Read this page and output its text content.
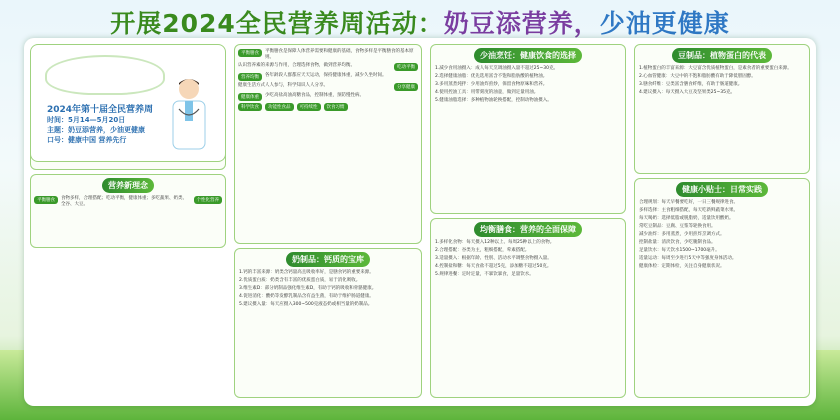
开展2024全民营养周活动：奶豆添营养，少油更健康
2024年第十届全民营养周
时间：5月14—5月20日
主题：奶豆添营养，少油更健康
口号：健康中国 营养先行
营养新理念
平衡膳食	食物多样，合理搭配；吃动平衡，健康体重；多吃蔬果、奶类、全谷、大豆。
个性化营养
平衡膳食	平衡膳食是保障人体营养需要和健康的基础，食物多样是平衡膳食的基本原则。
认识营养素的来源与作用，合理选择食物，做到营养均衡。	吃动平衡
营养均衡	各年龄段人群都应天天运动，保持健康体重，减少久坐时间。
健康生活方式人人参与，科学知识人人分享。	分享健康
健康体重	少吃高盐高油高糖食品，控制体重，预防慢性病。
科学饮食	功能性食品	可持续性	饮食习惯
奶制品：钙质的宝库
1.钙的丰富来源：奶类含钙量高且吸收率好，是膳食钙的重要来源。
2.优质蛋白质：奶类含有丰富的优质蛋白质，易于消化吸收。
3.维生素D：部分奶制品强化维生素D，有助于钙的吸收和骨骼健康。
4.促进消化：酸奶等发酵乳制品含有益生菌，有助于维护肠道健康。
5.建议摄入量：每天应摄入300~500克液态奶或相当量的奶制品。
少油烹饪：健康饮食的选择
1.减少食用油摄入：成人每天烹调油摄入量不超过25~30克。
2.选择健康油脂：优先选用富含不饱和脂肪酸的植物油。
3.多用蒸煮炖拌：少用油炸煎炒，保留食物原味和营养。
4.使用控油工具：用带刻度的油壶，做到定量用油。
5.健康油脂选择：多种植物油轮换搭配，控制动物油摄入。
均衡膳食：营养的全面保障
1.多样化食物：每天摄入12种以上、每周25种以上的食物。
2.合理搭配：谷类为主，粗细搭配，荤素搭配。
3.适量摄入：根据年龄、性别、活动水平调整食物摄入量。
4.控制盐和糖：每天食盐不超过5克，添加糖不超过50克。
5.规律进餐：定时定量，不暴饮暴食，足量饮水。
豆制品：植物蛋白的代表
1.植物蛋白的丰富来源：大豆富含优质植物蛋白，是素食者的重要蛋白来源。
2.心血管健康：大豆中的不饱和脂肪酸有助于降低胆固醇。
3.膳食纤维：豆类富含膳食纤维，有助于肠道健康。
4.建议摄入：每天摄入大豆及坚果类25~35克。
健康小贴士：日常实践
合理规划：每天早餐要吃好，一日三餐规律进食。
多样选择：主食粗细搭配，每天吃新鲜蔬菜水果。
每天喝奶：选择低脂或脱脂奶，适量饮用酸奶。
常吃豆制品：豆腐、豆浆等轮换食用。
减少油炸：多用蒸煮，少用煎炸烹调方式。
控制盐量：清淡饮食，少吃腌制食品。
足量饮水：每天饮水1500~1700毫升。
适量运动：每周至少进行5天中等强度身体活动。
健康体检：定期体检，关注自身健康状况。
